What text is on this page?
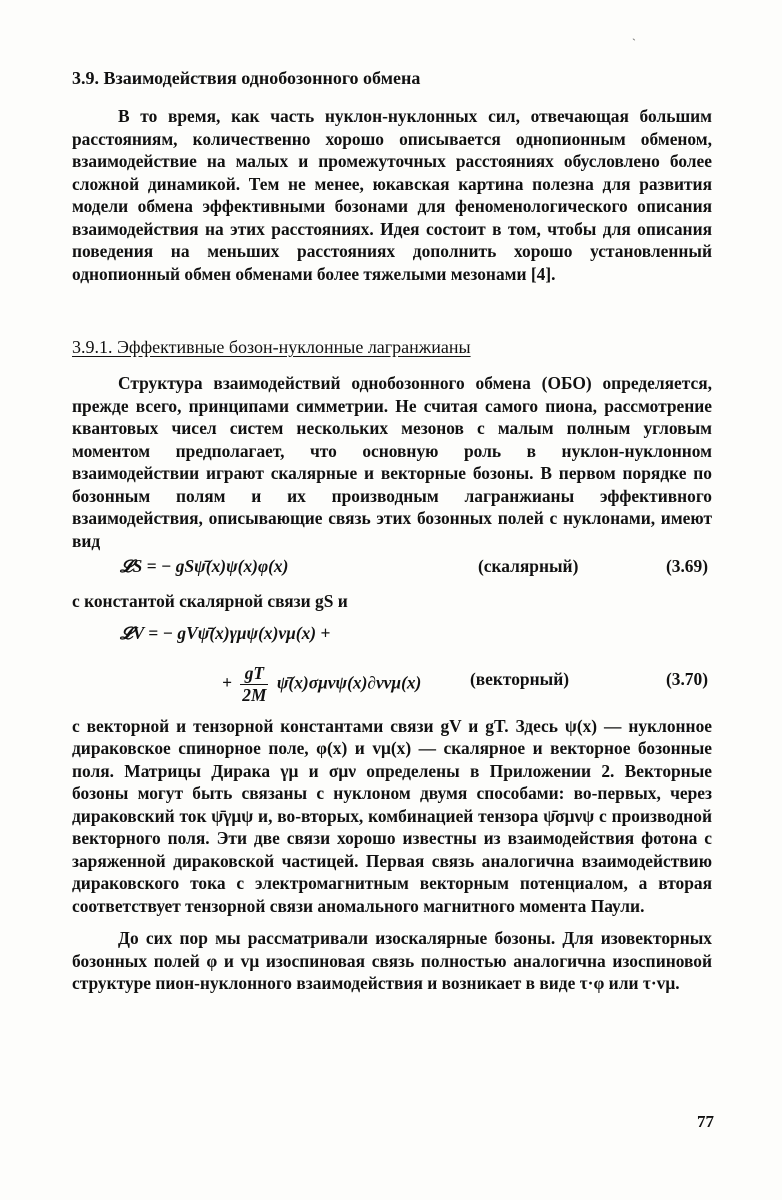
`
3.9. Взаимодействия однобозонного обмена

В то время, как часть нуклон-нуклонных сил, отвечающая большим расстояниям, количественно хорошо описывается однопионным обменом, взаимодействие на малых и промежуточных расстояниях обусловлено более сложной динамикой. Тем не менее, юкавская картина полезна для развития модели обмена эффективными бозонами для феноменологического описания взаимодействия на этих расстояниях. Идея состоит в том, чтобы для описания поведения на меньших расстояниях дополнить хорошо установленный однопионный обмен обменами более тяжелыми мезонами [4].

3.9.1. Эффективные бозон-нуклонные лагранжианы

Структура взаимодействий однобозонного обмена (ОБО) определяется, прежде всего, принципами симметрии. Не считая самого пиона, рассмотрение квантовых чисел систем нескольких мезонов с малым полным угловым моментом предполагает, что основную роль в нуклон-нуклонном взаимодействии играют скалярные и векторные бозоны. В первом порядке по бозонным полям и их производным лагранжианы эффективного взаимодействия, описывающие связь этих бозонных полей с нуклонами, имеют вид

𝓛S = − gSψ̄(x)ψ(x)φ(x)	(скалярный)	(3.69)
с константой скалярной связи gS и
𝓛V = − gVψ̄(x)γμψ(x)vμ(x) +
+ $\frac{gT}{2M}$ ψ̄(x)σμνψ(x)∂νvμ(x)	(векторный)	(3.70)

с векторной и тензорной константами связи gV и gT. Здесь ψ(x) — нуклонное дираковское спинорное поле, φ(x) и vμ(x) — скалярное и векторное бозонные поля. Матрицы Дирака γμ и σμν определены в Приложении 2. Векторные бозоны могут быть связаны с нуклоном двумя способами: во-первых, через дираковский ток ψ̄γμψ и, во-вторых, комбинацией тензора ψ̄σμνψ с производной векторного поля. Эти две связи хорошо известны из взаимодействия фотона с заряженной дираковской частицей. Первая связь аналогична взаимодействию дираковского тока с электромагнитным векторным потенциалом, а вторая соответствует тензорной связи аномального магнитного момента Паули.

До сих пор мы рассматривали изоскалярные бозоны. Для изовекторных бозонных полей φ и vμ изоспиновая связь полностью аналогична изоспиновой структуре пион-нуклонного взаимодействия и возникает в виде τ·φ или τ·vμ.

77
